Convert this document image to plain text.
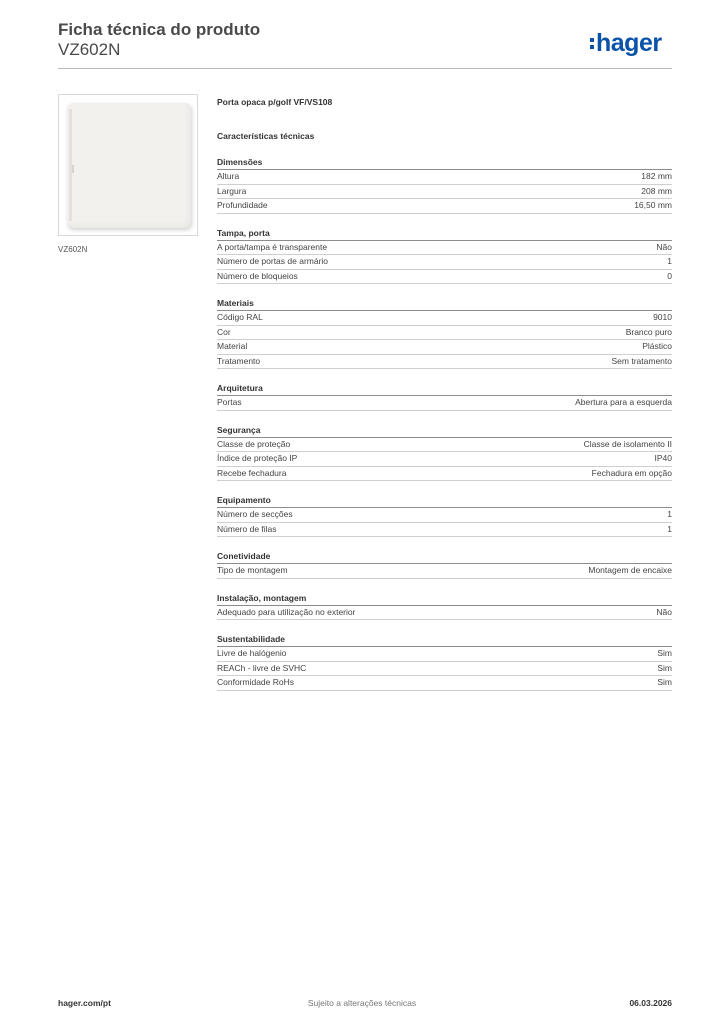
Ficha técnica do produto
VZ602N	hager
VZ602N
Porta opaca p/golf VF/VS108
Características técnicas
Dimensões
Altura	182 mm
Largura	208 mm
Profundidade	16,50 mm
Tampa, porta
A porta/tampa é transparente	Não
Número de portas de armário	1
Número de bloqueios	0
Materiais
Código RAL	9010
Cor	Branco puro
Material	Plástico
Tratamento	Sem tratamento
Arquitetura
Portas	Abertura para a esquerda
Segurança
Classe de proteção	Classe de isolamento II
Índice de proteção IP	IP40
Recebe fechadura	Fechadura em opção
Equipamento
Número de secções	1
Número de filas	1
Conetividade
Tipo de montagem	Montagem de encaixe
Instalação, montagem
Adequado para utilização no exterior	Não
Sustentabilidade
Livre de halógenio	Sim
REACh - livre de SVHC	Sim
Conformidade RoHs	Sim
hager.com/pt	Sujeito a alterações técnicas	06.03.2026
